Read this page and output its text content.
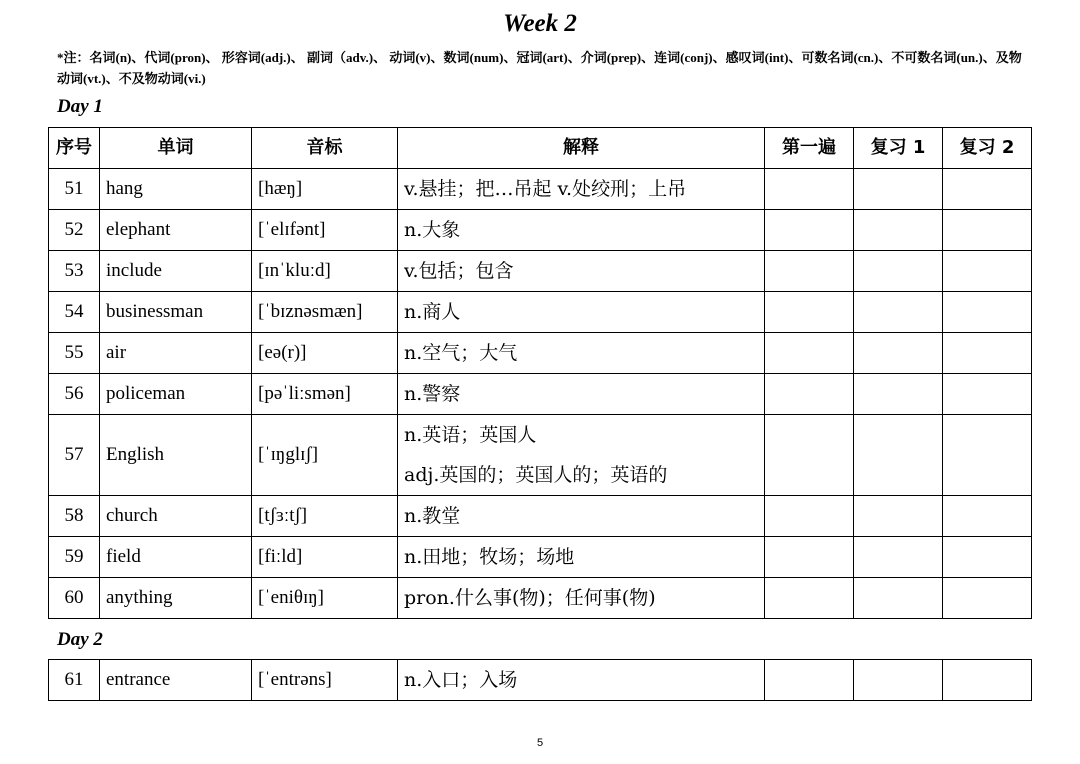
Week 2
*注：名词(n)、代词(pron)、 形容词(adj.)、 副词（adv.)、 动词(v)、数词(num)、冠词(art)、介词(prep)、连词(conj)、感叹词(int)、可数名词(cn.)、不可数名词(un.)、及物动词(vt.)、不及物动词(vi.)
Day 1
序号	单词	音标	解释	第一遍	复习 1	复习 2
51	hang	[hæŋ]	v.悬挂；把…吊起 v.处绞刑；上吊			

52	elephant	[ˈelɪfənt]	n.大象			

53	include	[ɪnˈkluːd]	v.包括；包含			

54	businessman	[ˈbɪznəsmæn]	n.商人			

55	air	[eə(r)]	n.空气；大气			

56	policeman	[pəˈliːsmən]	n.警察			

57	English	[ˈɪŋglɪʃ]	n.英语；英国人
adj.英国的；英国人的；英语的			

58	church	[tʃɜːtʃ]	n.教堂			

59	field	[fiːld]	n.田地；牧场；场地			

60	anything	[ˈeniθɪŋ]	pron.什么事(物)；任何事(物)			

Day 2
61	entrance	[ˈentrəns]	n.入口；入场

5
